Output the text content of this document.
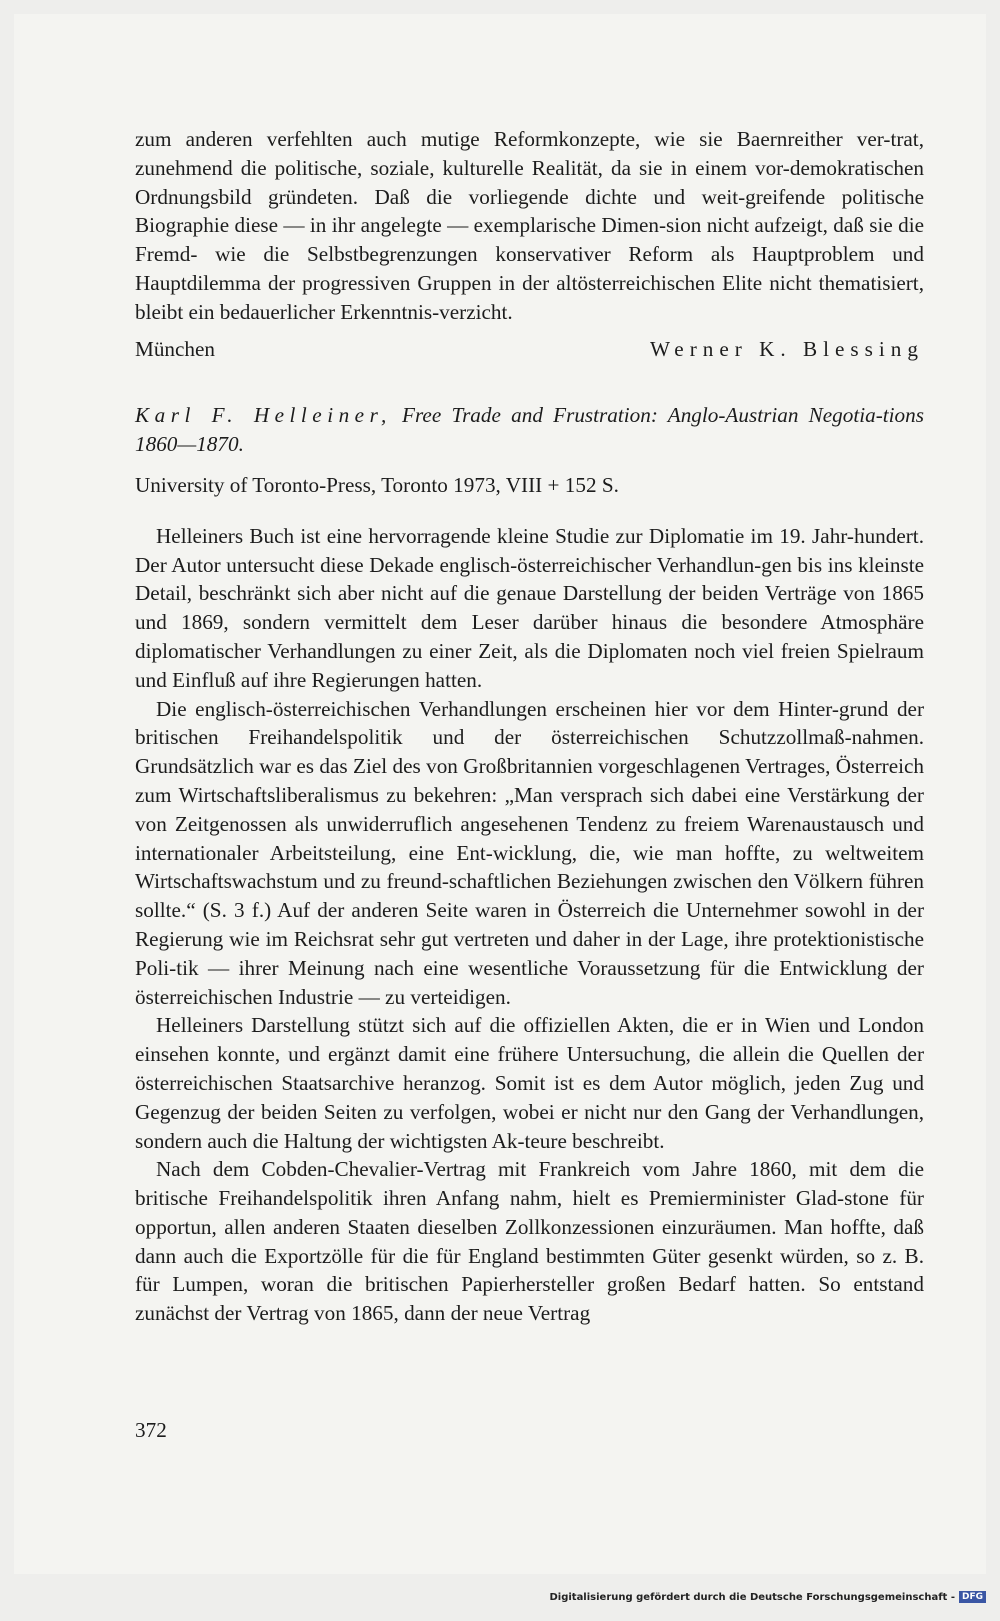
zum anderen verfehlten auch mutige Reformkonzepte, wie sie Baernreither ver-trat, zunehmend die politische, soziale, kulturelle Realität, da sie in einem vor-demokratischen Ordnungsbild gründeten. Daß die vorliegende dichte und weit-greifende politische Biographie diese — in ihr angelegte — exemplarische Dimen-sion nicht aufzeigt, daß sie die Fremd- wie die Selbstbegrenzungen konservativer Reform als Hauptproblem und Hauptdilemma der progressiven Gruppen in der altösterreichischen Elite nicht thematisiert, bleibt ein bedauerlicher Erkenntnis-verzicht.

München	Werner K. Blessing
Karl F. Helleiner, Free Trade and Frustration: Anglo-Austrian Negotia-tions 1860—1870.
University of Toronto-Press, Toronto 1973, VIII + 152 S.

Helleiners Buch ist eine hervorragende kleine Studie zur Diplomatie im 19. Jahr-hundert. Der Autor untersucht diese Dekade englisch-österreichischer Verhandlun-gen bis ins kleinste Detail, beschränkt sich aber nicht auf die genaue Darstellung der beiden Verträge von 1865 und 1869, sondern vermittelt dem Leser darüber hinaus die besondere Atmosphäre diplomatischer Verhandlungen zu einer Zeit, als die Diplomaten noch viel freien Spielraum und Einfluß auf ihre Regierungen hatten.

Die englisch-österreichischen Verhandlungen erscheinen hier vor dem Hinter-grund der britischen Freihandelspolitik und der österreichischen Schutzzollmaß-nahmen. Grundsätzlich war es das Ziel des von Großbritannien vorgeschlagenen Vertrages, Österreich zum Wirtschaftsliberalismus zu bekehren: „Man versprach sich dabei eine Verstärkung der von Zeitgenossen als unwiderruflich angesehenen Tendenz zu freiem Warenaustausch und internationaler Arbeitsteilung, eine Ent-wicklung, die, wie man hoffte, zu weltweitem Wirtschaftswachstum und zu freund-schaftlichen Beziehungen zwischen den Völkern führen sollte.“ (S. 3 f.) Auf der anderen Seite waren in Österreich die Unternehmer sowohl in der Regierung wie im Reichsrat sehr gut vertreten und daher in der Lage, ihre protektionistische Poli-tik — ihrer Meinung nach eine wesentliche Voraussetzung für die Entwicklung der österreichischen Industrie — zu verteidigen.

Helleiners Darstellung stützt sich auf die offiziellen Akten, die er in Wien und London einsehen konnte, und ergänzt damit eine frühere Untersuchung, die allein die Quellen der österreichischen Staatsarchive heranzog. Somit ist es dem Autor möglich, jeden Zug und Gegenzug der beiden Seiten zu verfolgen, wobei er nicht nur den Gang der Verhandlungen, sondern auch die Haltung der wichtigsten Ak-teure beschreibt.

Nach dem Cobden-Chevalier-Vertrag mit Frankreich vom Jahre 1860, mit dem die britische Freihandelspolitik ihren Anfang nahm, hielt es Premierminister Glad-stone für opportun, allen anderen Staaten dieselben Zollkonzessionen einzuräumen. Man hoffte, daß dann auch die Exportzölle für die für England bestimmten Güter gesenkt würden, so z. B. für Lumpen, woran die britischen Papierhersteller großen Bedarf hatten. So entstand zunächst der Vertrag von 1865, dann der neue Vertrag

372
Digitalisierung gefördert durch die Deutsche Forschungsgemeinschaft - DFG
